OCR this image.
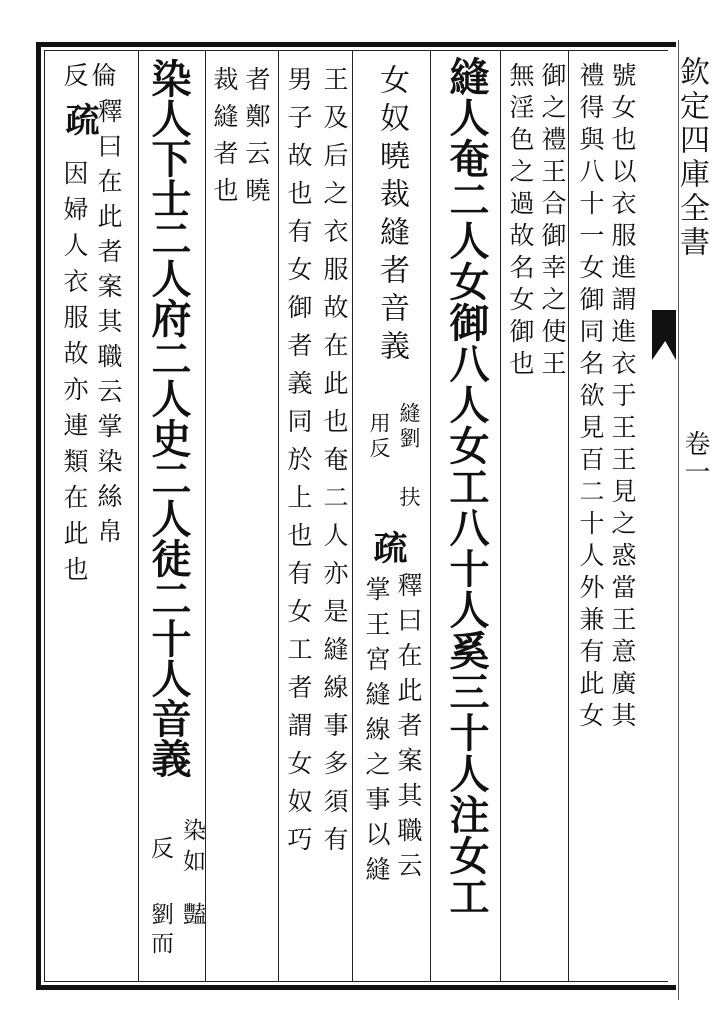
欽定四庫全書
卷一
號女也以衣服進謂進衣于王王見之惑當王意廣其
禮得與八十一女御同名欲見百二十人外兼有此女
御之禮王合御幸之使王
無淫色之過故名女御也
縫人奄二人女御八人女工八十人奚三十人注女工
女奴曉裁縫者音義
縫劉
用反
扶
疏
釋曰在此者案其職云
掌王宮縫線之事以縫
王及后之衣服故在此也奄二人亦是縫線事多須有
男子故也有女御者義同於上也有女工者謂女奴巧
者鄭云曉
裁縫者也
染人下士二人府二人史二人徒二十人音義
染如
反
豔
劉而
倫
疏
釋曰在此者案其職云掌染絲帛
反
因婦人衣服故亦連類在此也
